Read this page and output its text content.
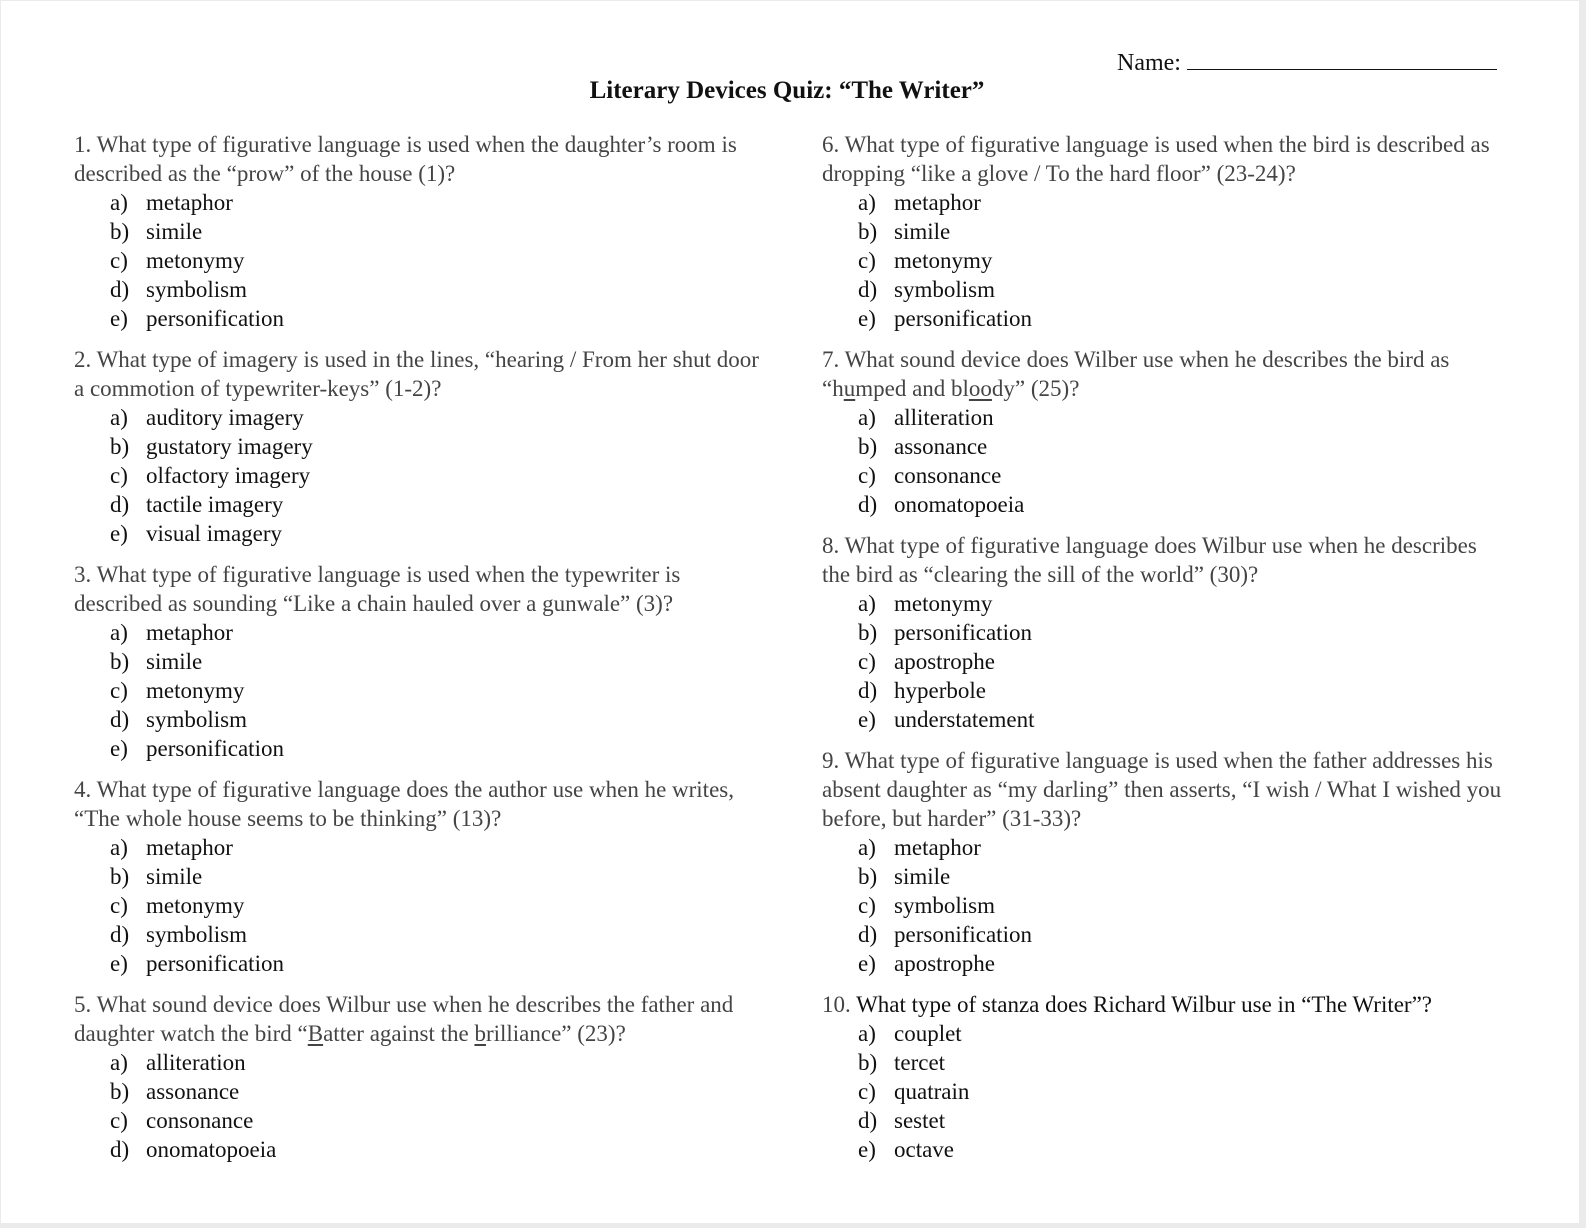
Name:
Literary Devices Quiz: “The Writer”
1. What type of figurative language is used when the daughter’s room is described as the “prow” of the house (1)?
a) metaphor
b) simile
c) metonymy
d) symbolism
e) personification
2. What type of imagery is used in the lines, “hearing / From her shut door a commotion of typewriter-keys” (1-2)?
a) auditory imagery
b) gustatory imagery
c) olfactory imagery
d) tactile imagery
e) visual imagery
3. What type of figurative language is used when the typewriter is described as sounding “Like a chain hauled over a gunwale” (3)?
a) metaphor
b) simile
c) metonymy
d) symbolism
e) personification
4. What type of figurative language does the author use when he writes, “The whole house seems to be thinking” (13)?
a) metaphor
b) simile
c) metonymy
d) symbolism
e) personification
5. What sound device does Wilbur use when he describes the father and daughter watch the bird “Batter against the brilliance” (23)?
a) alliteration
b) assonance
c) consonance
d) onomatopoeia
6. What type of figurative language is used when the bird is described as dropping “like a glove / To the hard floor” (23-24)?
a) metaphor
b) simile
c) metonymy
d) symbolism
e) personification
7. What sound device does Wilber use when he describes the bird as “humped and bloody” (25)?
a) alliteration
b) assonance
c) consonance
d) onomatopoeia
8. What type of figurative language does Wilbur use when he describes the bird as “clearing the sill of the world” (30)?
a) metonymy
b) personification
c) apostrophe
d) hyperbole
e) understatement
9. What type of figurative language is used when the father addresses his absent daughter as “my darling” then asserts, “I wish / What I wished you before, but harder” (31-33)?
a) metaphor
b) simile
c) symbolism
d) personification
e) apostrophe
10. What type of stanza does Richard Wilbur use in “The Writer”?
a) couplet
b) tercet
c) quatrain
d) sestet
e) octave
